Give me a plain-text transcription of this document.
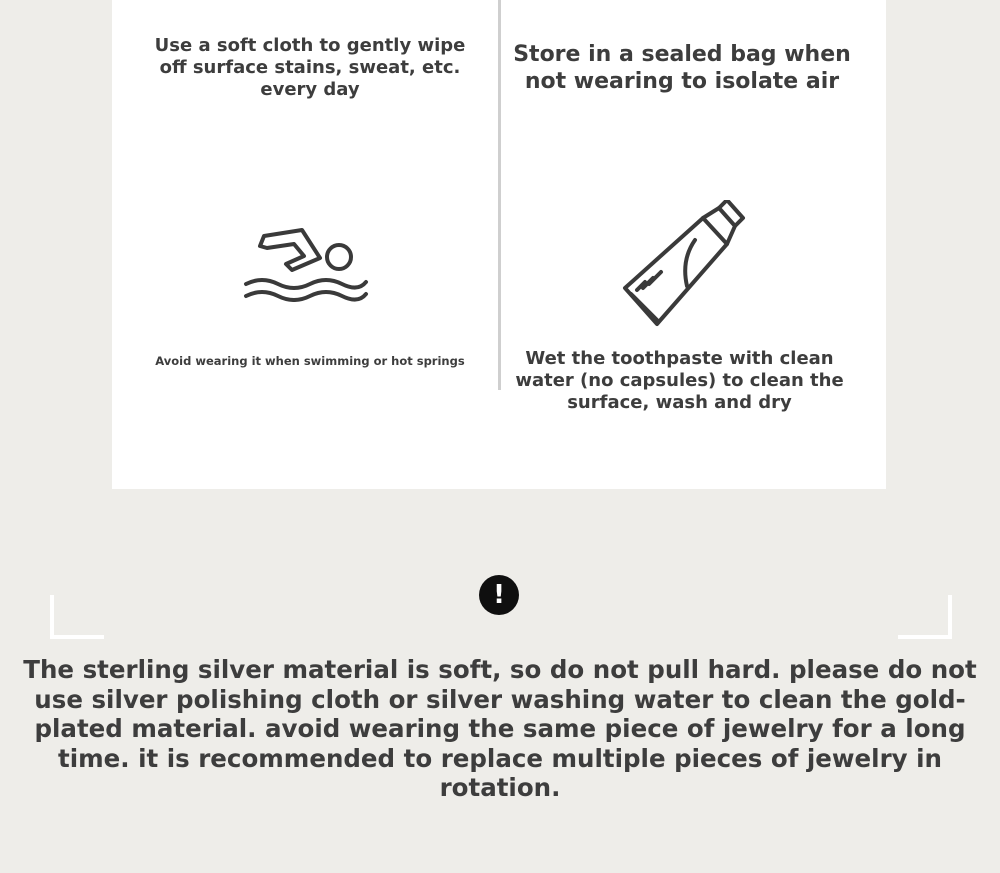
Use a soft cloth to gently wipe off surface stains, sweat, etc. every day
Store in a sealed bag when not wearing to isolate air
Avoid wearing it when swimming or hot springs	Wet the toothpaste with clean water (no capsules) to clean the surface, wash and dry
!
The sterling silver material is soft, so do not pull hard. please do not use silver polishing cloth or silver washing water to clean the gold-plated material. avoid wearing the same piece of jewelry for a long time. it is recommended to replace multiple pieces of jewelry in rotation.
